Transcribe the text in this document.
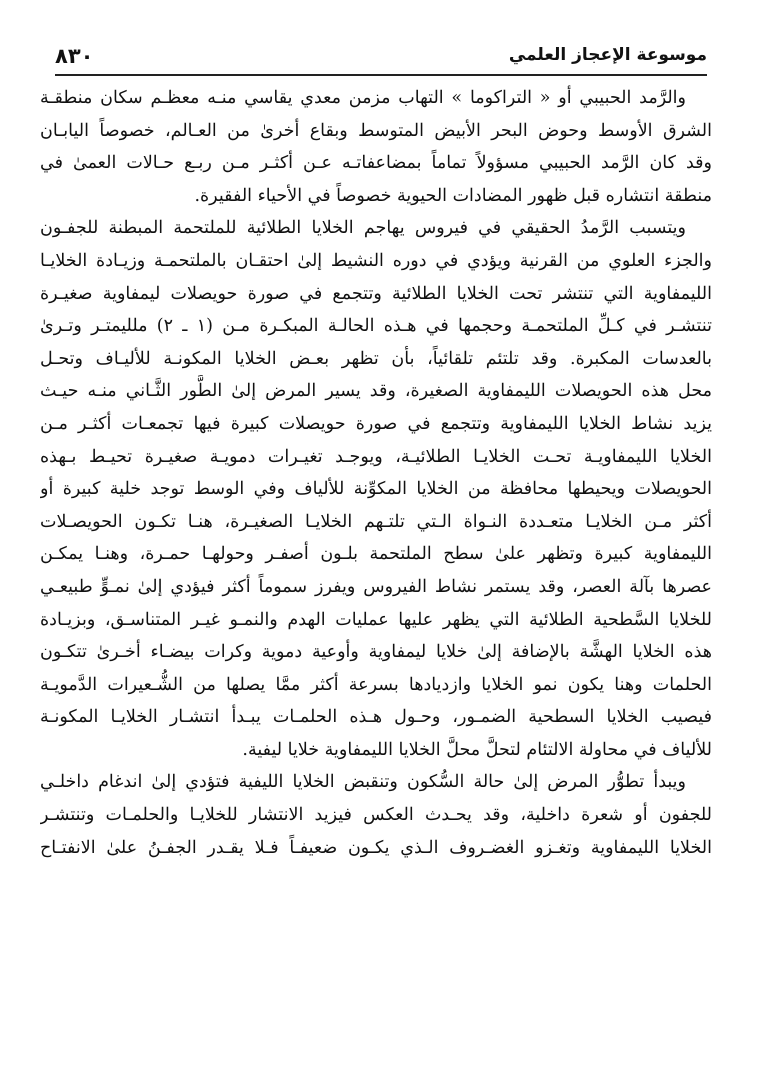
موسوعة الإعجاز العلمي
٨٣٠
والرَّمد الحبيبي أو « التراكوما » التهاب مزمن معدي يقاسي منـه معظـم سكان منطقـة
الشرق الأوسط وحوض البحر الأبيض المتوسط وبقاع أخرىٰ من العـالم، خصوصاً اليابـان
وقد كان الرَّمد الحبيبي مسؤولاً تماماً بمضاعفاتـه عـن أكثـر مـن ربـع حـالات العمىٰ في
منطقة انتشاره قبل ظهور المضادات الحيوية خصوصاً في الأحياء الفقيرة.
ويتسبب الرَّمدُ الحقيقي في فيروس يهاجم الخلايا الطلائية للملتحمة المبطنة للجفـون
والجزء العلوي من القرنية ويؤدي في دوره النشيط إلىٰ احتقـان بالملتحمـة وزيـادة الخلايـا
الليمفاوية التي تنتشر تحت الخلايا الطلائية وتتجمع في صورة حويصلات ليمفاوية صغيـرة
تنتشـر في كـلِّ الملتحمـة وحجمها في هـذه الحالـة المبكـرة مـن (١ ـ ٢) ملليمتـر وتـرىٰ
بالعدسات المكبرة. وقد تلتئم تلقائياً، بأن تظهر بعـض الخلايا المكونـة للأليـاف وتحـل
محل هذه الحويصلات الليمفاوية الصغيرة، وقد يسير المرض إلىٰ الطَّور الثَّـاني منـه حيـث
يزيد نشاط الخلايا الليمفاوية وتتجمع في صورة حويصلات كبيرة فيها تجمعـات أكثـر مـن
الخلايا الليمفاويـة تحـت الخلايـا الطلائيـة، ويوجـد تغيـرات دمويـة صغيـرة تحيـط بـهذه
الحويصلات ويحيطها محافظة من الخلايا المكوِّنة للألياف وفي الوسط توجد خلية كبيرة أو
أكثر مـن الخلايـا متعـددة النـواة الـتي تلتـهم الخلايـا الصغيـرة، هنـا تكـون الحويصـلات
الليمفاوية كبيرة وتظهر علىٰ سطح الملتحمة بلـون أصفـر وحولهـا حمـرة، وهنـا يمكـن
عصرها بآلة العصر، وقد يستمر نشاط الفيروس ويفرز سموماً أكثر فيؤدي إلىٰ نمـوٍّ طبيعـي
للخلايا السَّطحية الطلائية التي يظهر عليها عمليات الهدم والنمـو غيـر المتناسـق، وبزيـادة
هذه الخلايا الهشَّة بالإضافة إلىٰ خلايا ليمفاوية وأوعية دموية وكرات بيضـاء أخـرىٰ تتكـون
الحلمات وهنا يكون نمو الخلايا وازديادها بسرعة أكثر ممَّا يصلها من الشُّـعيرات الدَّمويـة
فيصيب الخلايا السطحية الضمـور، وحـول هـذه الحلمـات يبـدأ انتشـار الخلايـا المكونـة
للألياف في محاولة الالتئام لتحلَّ محلَّ الخلايا الليمفاوية خلايا ليفية.
ويبدأ تطوُّر المرض إلىٰ حالة السُّكون وتنقبض الخلايا الليفية فتؤدي إلىٰ اندغام داخلـي
للجفون أو شعرة داخلية، وقد يحـدث العكس فيزيد الانتشار للخلايـا والحلمـات وتنتشـر
الخلايا الليمفاوية وتغـزو الغضـروف الـذي يكـون ضعيفـاً فـلا يقـدر الجفـنُ علىٰ الانفتـاح
